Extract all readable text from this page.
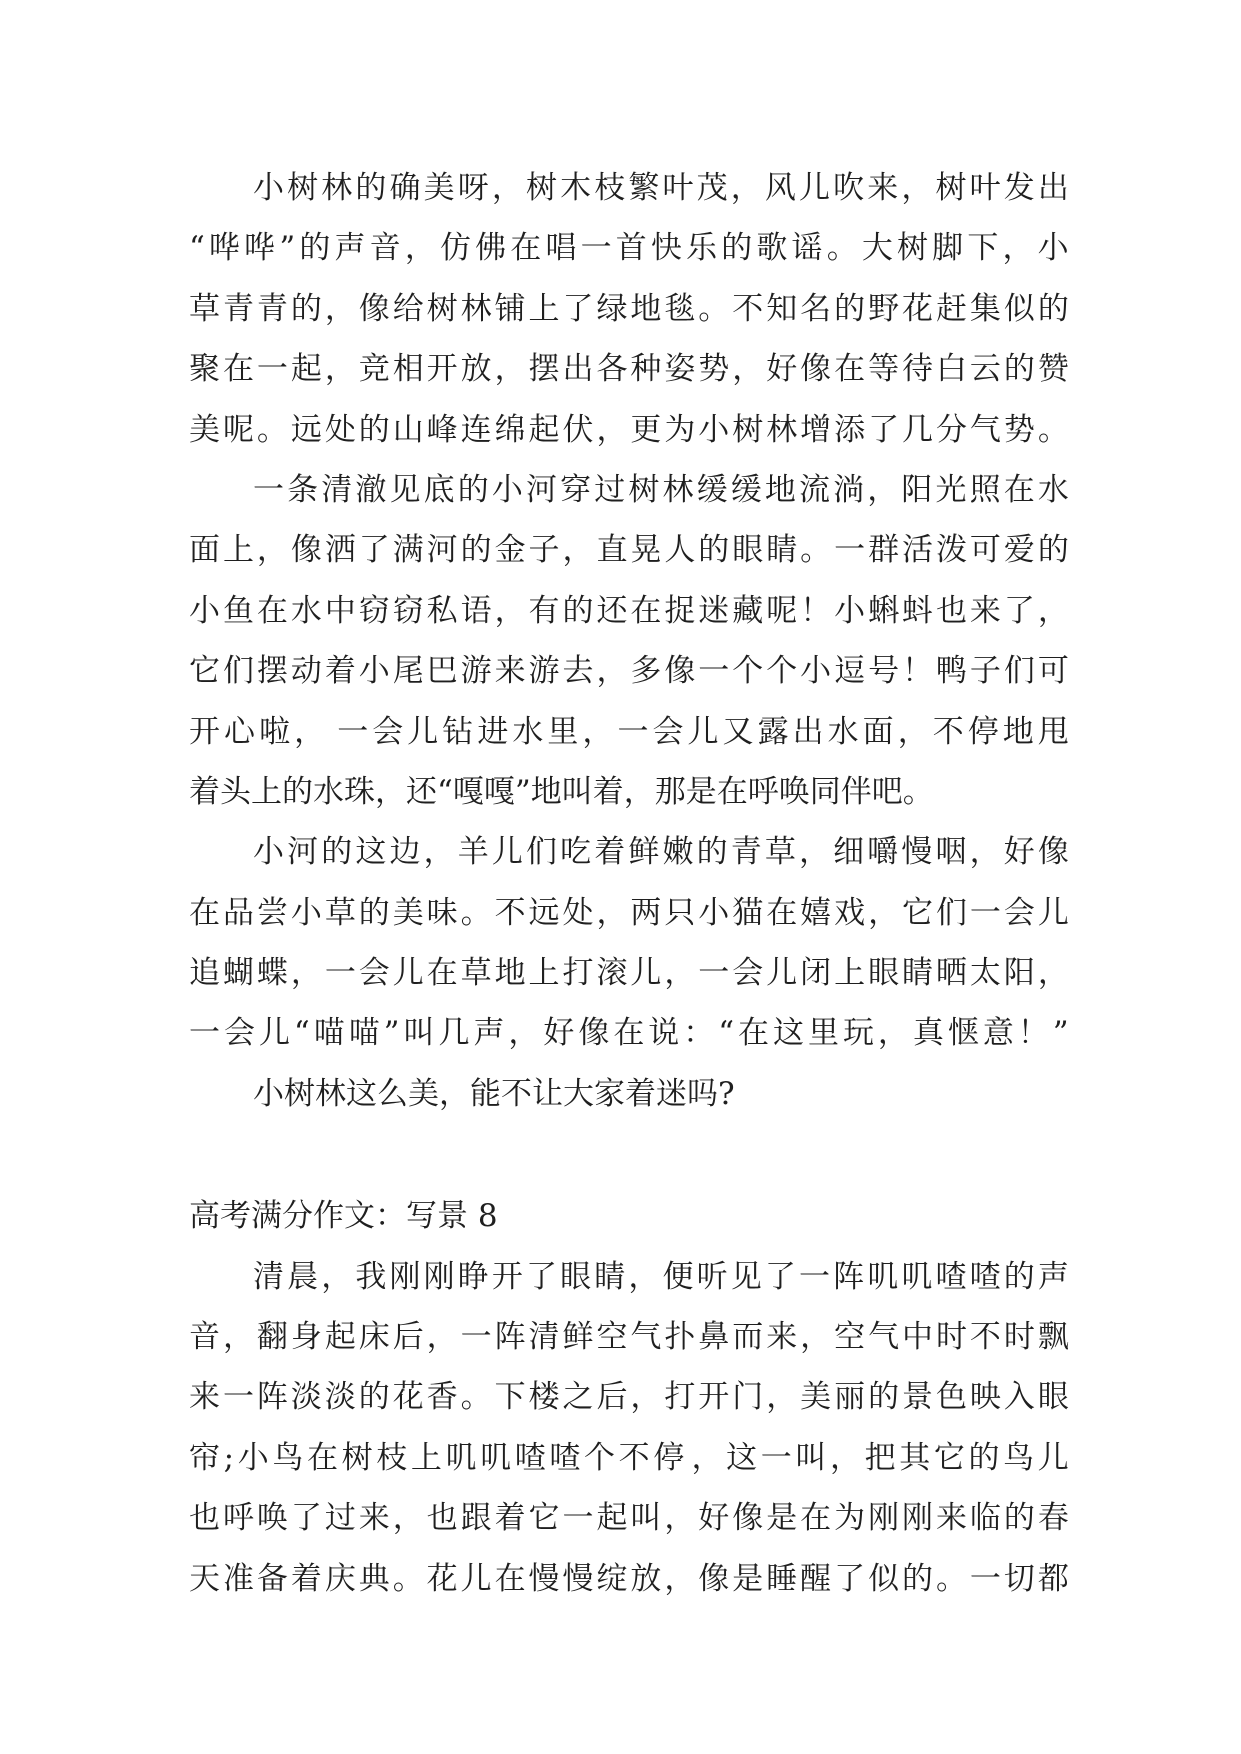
小 树 林 的 确 美 呀 ， 树 木 枝 繁 叶 茂 ， 风 儿 吹 来 ， 树 叶 发 出
“ 哗 哗 ” 的 声 音 ， 仿 佛 在 唱 一 首 快 乐 的 歌 谣 。 大 树 脚 下 ， 小
草 青 青 的 ， 像 给 树 林 铺 上 了 绿 地 毯 。 不 知 名 的 野 花 赶 集 似 的
聚 在 一 起 ， 竞 相 开 放 ， 摆 出 各 种 姿 势 ， 好 像 在 等 待 白 云 的 赞
美 呢 。 远 处 的 山 峰 连 绵 起 伏 ， 更 为 小 树 林 增 添 了 几 分 气 势 。
一 条 清 澈 见 底 的 小 河 穿 过 树 林 缓 缓 地 流 淌 ， 阳 光 照 在 水
面 上 ， 像 洒 了 满 河 的 金 子 ， 直 晃 人 的 眼 睛 。 一 群 活 泼 可 爱 的
小 鱼 在 水 中 窃 窃 私 语 ， 有 的 还 在 捉 迷 藏 呢 ！ 小 蝌 蚪 也 来 了 ，
它 们 摆 动 着 小 尾 巴 游 来 游 去 ， 多 像 一 个 个 小 逗 号 ！ 鸭 子 们 可
开 心 啦 ， 一 会 儿 钻 进 水 里 ， 一 会 儿 又 露 出 水 面 ， 不 停 地 甩
着头上的水珠，还“嘎嘎”地叫着，那是在呼唤同伴吧。
小 河 的 这 边 ， 羊 儿 们 吃 着 鲜 嫩 的 青 草 ， 细 嚼 慢 咽 ， 好 像
在 品 尝 小 草 的 美 味 。 不 远 处 ， 两 只 小 猫 在 嬉 戏 ， 它 们 一 会 儿
追 蝴 蝶 ， 一 会 儿 在 草 地 上 打 滚 儿 ， 一 会 儿 闭 上 眼 睛 晒 太 阳 ，
一 会 儿 “ 喵 喵 ” 叫 几 声 ， 好 像 在 说 ： “ 在 这 里 玩 ， 真 惬 意 ！ ”
小树林这么美，能不让大家着迷吗?
高考满分作文：写景 8
清 晨 ， 我 刚 刚 睁 开 了 眼 睛 ， 便 听 见 了 一 阵 叽 叽 喳 喳 的 声
音 ， 翻 身 起 床 后 ， 一 阵 清 鲜 空 气 扑 鼻 而 来 ， 空 气 中 时 不 时 飘
来 一 阵 淡 淡 的 花 香 。 下 楼 之 后 ， 打 开 门 ， 美 丽 的 景 色 映 入 眼
帘 ; 小 鸟 在 树 枝 上 叽 叽 喳 喳 个 不 停 ， 这 一 叫 ， 把 其 它 的 鸟 儿
也 呼 唤 了 过 来 ， 也 跟 着 它 一 起 叫 ， 好 像 是 在 为 刚 刚 来 临 的 春
天 准 备 着 庆 典 。 花 儿 在 慢 慢 绽 放 ， 像 是 睡 醒 了 似 的 。 一 切 都
